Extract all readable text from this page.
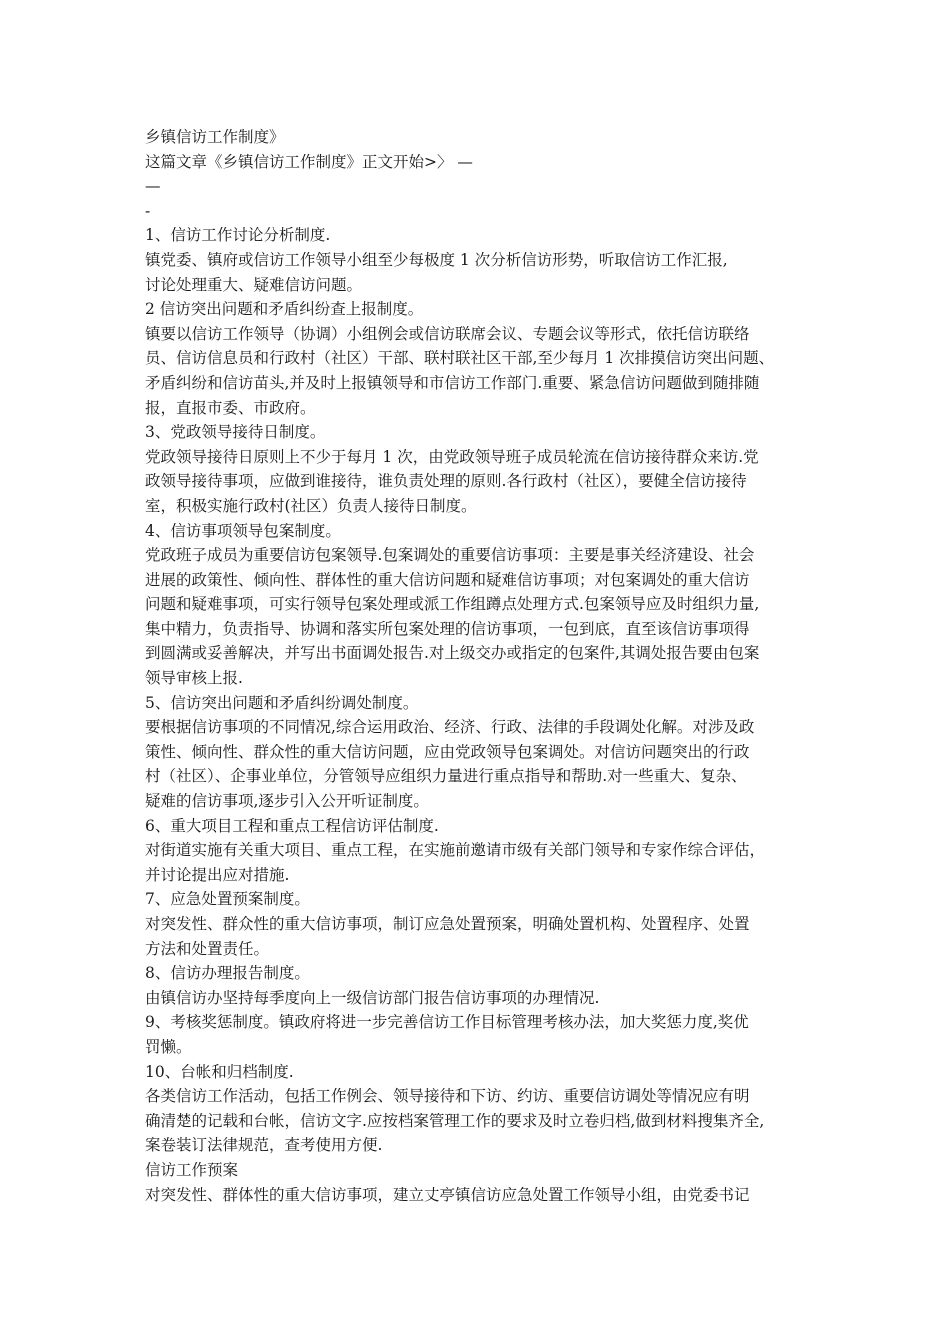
乡镇信访工作制度》
这篇文章《乡镇信访工作制度》正文开始>〉 —
—
-
1、信访工作讨论分析制度.
镇党委、镇府或信访工作领导小组至少每极度 1 次分析信访形势，听取信访工作汇报,
讨论处理重大、疑难信访问题。
2 信访突出问题和矛盾纠纷查上报制度。
镇要以信访工作领导（协调）小组例会或信访联席会议、专题会议等形式，依托信访联络
员、信访信息员和行政村（社区）干部、联村联社区干部,至少每月 1 次排摸信访突出问题、
矛盾纠纷和信访苗头,并及时上报镇领导和市信访工作部门.重要、紧急信访问题做到随排随
报，直报市委、市政府。
3、党政领导接待日制度。
党政领导接待日原则上不少于每月 1 次，由党政领导班子成员轮流在信访接待群众来访.党
政领导接待事项，应做到谁接待，谁负责处理的原则.各行政村（社区），要健全信访接待
室，积极实施行政村(社区）负责人接待日制度。
4、信访事项领导包案制度。
党政班子成员为重要信访包案领导.包案调处的重要信访事项：主要是事关经济建设、社会
进展的政策性、倾向性、群体性的重大信访问题和疑难信访事项；对包案调处的重大信访
问题和疑难事项，可实行领导包案处理或派工作组蹲点处理方式.包案领导应及时组织力量,
集中精力，负责指导、协调和落实所包案处理的信访事项，一包到底，直至该信访事项得
到圆满或妥善解决，并写出书面调处报告.对上级交办或指定的包案件,其调处报告要由包案
领导审核上报.
5、信访突出问题和矛盾纠纷调处制度。
要根据信访事项的不同情况,综合运用政治、经济、行政、法律的手段调处化解。对涉及政
策性、倾向性、群众性的重大信访问题，应由党政领导包案调处。对信访问题突出的行政
村（社区）、企事业单位，分管领导应组织力量进行重点指导和帮助.对一些重大、复杂、
疑难的信访事项,逐步引入公开听证制度。
6、重大项目工程和重点工程信访评估制度.
对街道实施有关重大项目、重点工程，在实施前邀请市级有关部门领导和专家作综合评估，
并讨论提出应对措施.
7、应急处置预案制度。
对突发性、群众性的重大信访事项，制订应急处置预案，明确处置机构、处置程序、处置
方法和处置责任。
8、信访办理报告制度。
由镇信访办坚持每季度向上一级信访部门报告信访事项的办理情况.
9、考核奖惩制度。镇政府将进一步完善信访工作目标管理考核办法，加大奖惩力度,奖优
罚懒。
10、台帐和归档制度.
各类信访工作活动，包括工作例会、领导接待和下访、约访、重要信访调处等情况应有明
确清楚的记载和台帐，信访文字.应按档案管理工作的要求及时立卷归档,做到材料搜集齐全,
案卷装订法律规范，查考使用方便.
信访工作预案
对突发性、群体性的重大信访事项，建立丈亭镇信访应急处置工作领导小组，由党委书记
